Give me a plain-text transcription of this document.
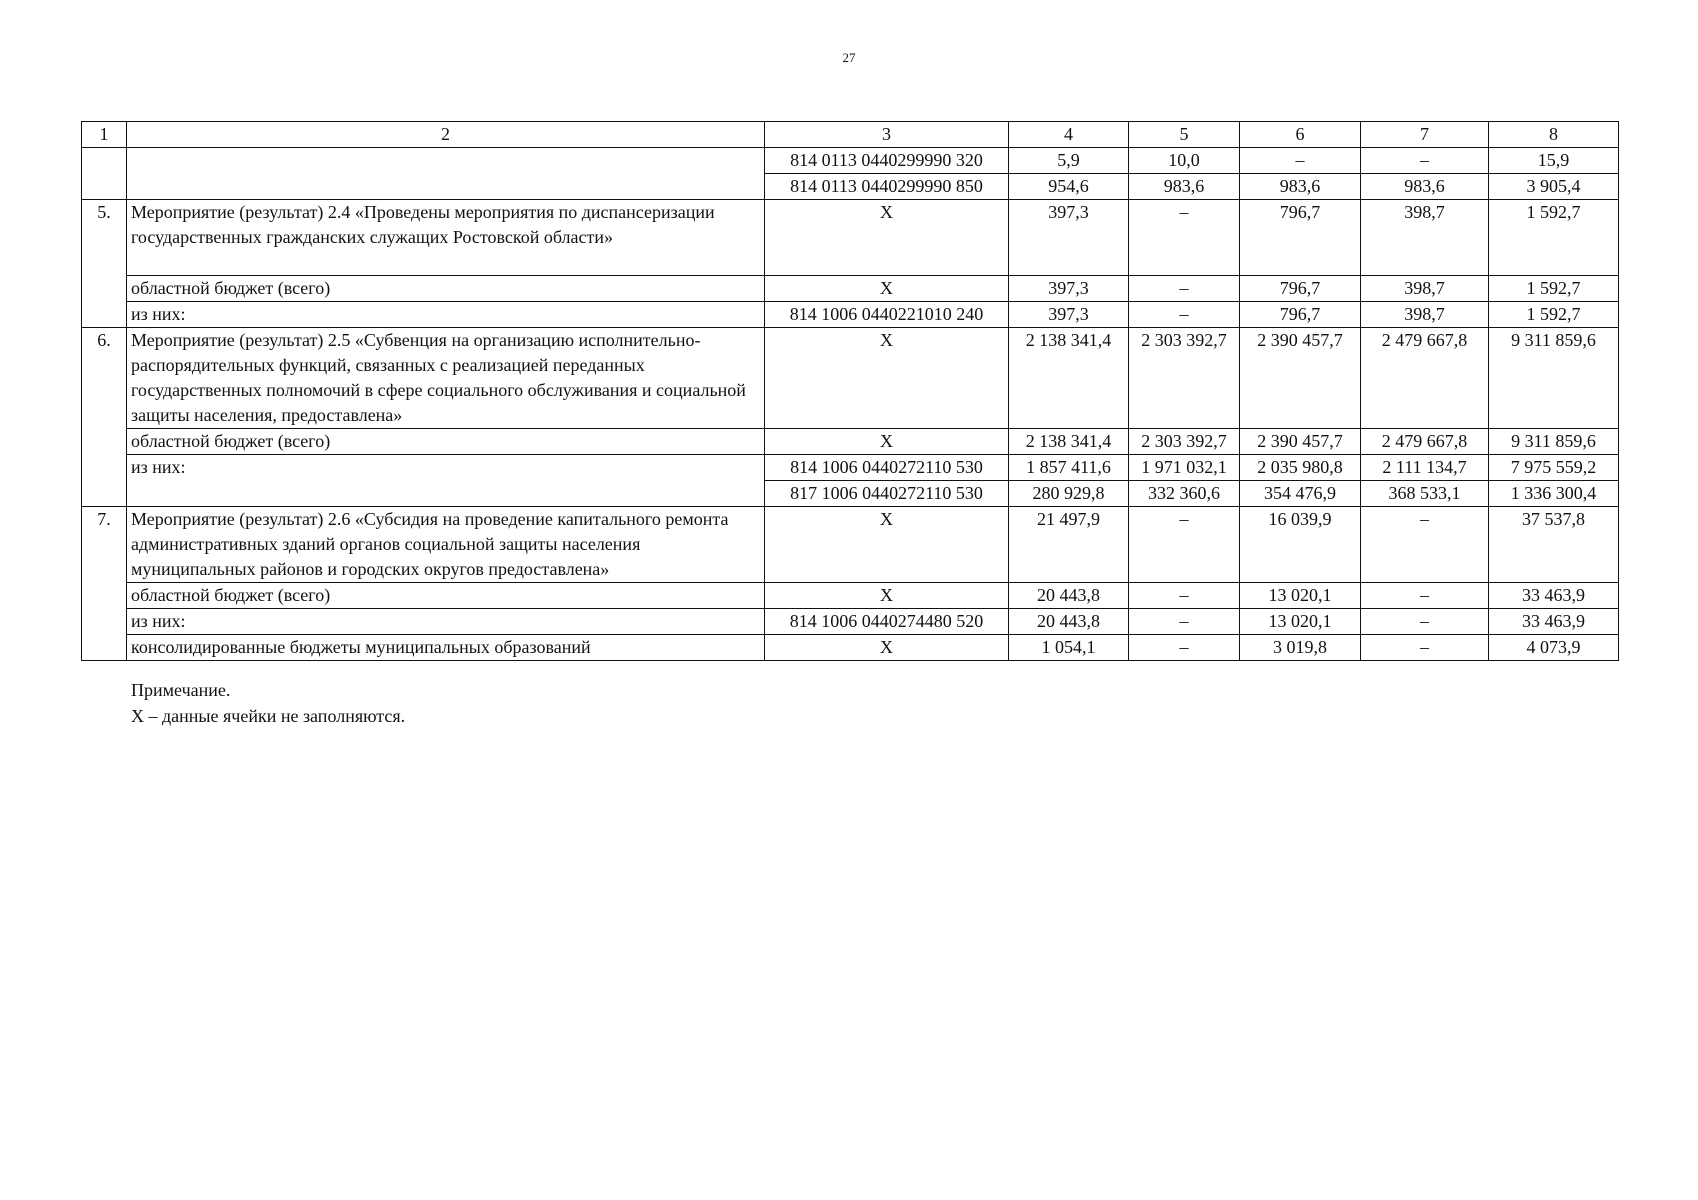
27
1	2	3	4	5	6	7	8
		814 0113 0440299990 320	5,9	10,0	–	–	15,9
		814 0113 0440299990 850	954,6	983,6	983,6	983,6	3 905,4
5.	Мероприятие (результат) 2.4 «Проведены мероприятия по диспансеризации государственных гражданских служащих Ростовской области»	X	397,3	–	796,7	398,7	1 592,7
	областной бюджет (всего)	X	397,3	–	796,7	398,7	1 592,7
	из них:	814 1006 0440221010 240	397,3	–	796,7	398,7	1 592,7
6.	Мероприятие (результат) 2.5 «Субвенция на организацию исполнительно-распорядительных функций, связанных с реализацией переданных государственных полномочий в сфере социального обслуживания и социальной защиты населения, предоставлена»	X	2 138 341,4	2 303 392,7	2 390 457,7	2 479 667,8	9 311 859,6
	областной бюджет (всего)	X	2 138 341,4	2 303 392,7	2 390 457,7	2 479 667,8	9 311 859,6
	из них:	814 1006 0440272110 530	1 857 411,6	1 971 032,1	2 035 980,8	2 111 134,7	7 975 559,2
		817 1006 0440272110 530	280 929,8	332 360,6	354 476,9	368 533,1	1 336 300,4
7.	Мероприятие (результат) 2.6 «Субсидия на проведение капитального ремонта административных зданий органов социальной защиты населения муниципальных районов и городских округов предоставлена»	X	21 497,9	–	16 039,9	–	37 537,8
	областной бюджет (всего)	X	20 443,8	–	13 020,1	–	33 463,9
	из них:	814 1006 0440274480 520	20 443,8	–	13 020,1	–	33 463,9
	консолидированные бюджеты муниципальных образований	X	1 054,1	–	3 019,8	–	4 073,9
Примечание.
X – данные ячейки не заполняются.
